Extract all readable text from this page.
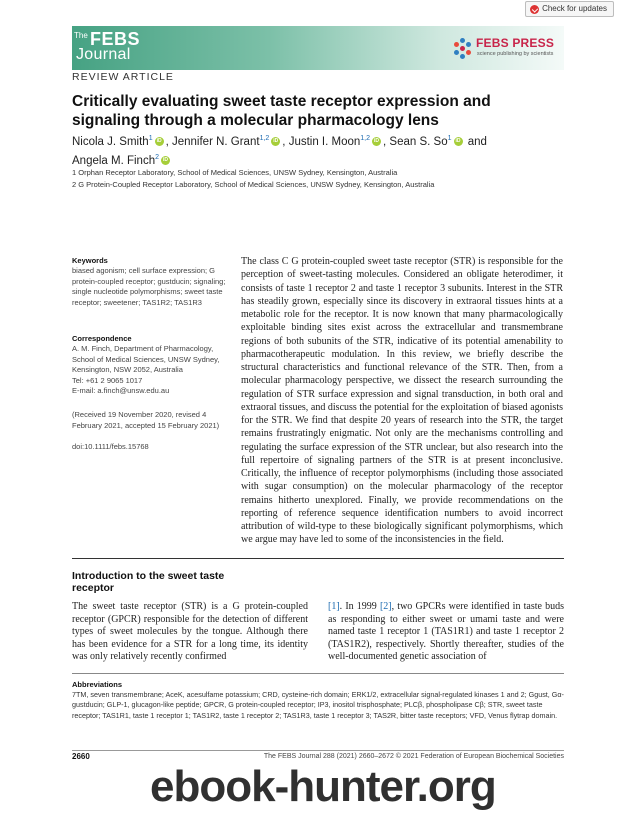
Check for updates
The FEBS
Journal
FEBS PRESS
science publishing by scientists
REVIEW ARTICLE
Critically evaluating sweet taste receptor expression and signaling through a molecular pharmacology lens
Nicola J. Smith$^1$ iD , Jennifer N. Grant$^{1,2}$ iD , Justin I. Moon$^{1,2}$ iD , Sean S. So$^1$ iD and
Angela M. Finch$^2$ iD
1 Orphan Receptor Laboratory, School of Medical Sciences, UNSW Sydney, Kensington, Australia
2 G Protein-Coupled Receptor Laboratory, School of Medical Sciences, UNSW Sydney, Kensington, Australia
Keywords
biased agonism; cell surface expression; G protein-coupled receptor; gustducin; signaling; single nucleotide polymorphisms; sweet taste receptor; sweetener; TAS1R2; TAS1R3
Correspondence
A. M. Finch, Department of Pharmacology,
School of Medical Sciences, UNSW Sydney,
Kensington, NSW 2052, Australia
Tel: +61 2 9065 1017
E-mail: a.finch@unsw.edu.au
(Received 19 November 2020, revised 4 February 2021, accepted 15 February 2021)
doi:10.1111/febs.15768

The class C G protein-coupled sweet taste receptor (STR) is responsible for the perception of sweet-tasting molecules. Considered an obligate heterodimer, it consists of taste 1 receptor 2 and taste 1 receptor 3 subunits. Interest in the STR has steadily grown, especially since its discovery in extraoral tissues hints at a metabolic role for the receptor. It is now known that many pharmacologically exploitable binding sites exist across the extracellular and transmembrane regions of both subunits of the STR, indicative of its potential amenability to pharmacotherapeutic modulation. In this review, we briefly describe the structural characteristics and functional relevance of the STR. Then, from a molecular pharmacology perspective, we dissect the research surrounding the regulation of STR surface expression and signal transduction, in both oral and extraoral tissues, and discuss the potential for the exploitation of biased agonists for the STR. We find that despite 20 years of research into the STR, the target remains frustratingly enigmatic. Not only are the mechanisms controlling and regulating the surface expression of the STR unclear, but also research into the full repertoire of signaling partners of the STR is at present inconclusive. Critically, the influence of receptor polymorphisms (including those associated with sugar consumption) on the molecular pharmacology of the receptor remains hitherto unexplored. Finally, we provide recommendations on the reporting of reference sequence identification numbers to avoid incorrect attribution of wild-type to these biologically significant polymorphisms, which we argue may have led to some of the inconsistencies in the field.

Introduction to the sweet taste receptor

The sweet taste receptor (STR) is a G protein-coupled receptor (GPCR) responsible for the detection of different types of sweet molecules by the tongue. Although there has been evidence for a STR for a long time, its identity was only relatively recently confirmed

[1]. In 1999 [2], two GPCRs were identified in taste buds as responding to either sweet or umami taste and were named taste 1 receptor 1 (TAS1R1) and taste 1 receptor 2 (TAS1R2), respectively. Shortly thereafter, studies of the well-documented genetic association of

Abbreviations

7TM, seven transmembrane; AceK, acesulfame potassium; CRD, cysteine-rich domain; ERK1/2, extracellular signal-regulated kinases 1 and 2; Ggust, Gα-gustducin; GLP-1, glucagon-like peptide; GPCR, G protein-coupled receptor; IP3, inositol trisphosphate; PLCβ, phospholipase Cβ; STR, sweet taste receptor; TAS1R1, taste 1 receptor 1; TAS1R2, taste 1 receptor 2; TAS1R3, taste 1 receptor 3; TAS2R, bitter taste receptors; VFD, Venus flytrap domain.

2660	The FEBS Journal 288 (2021) 2660–2672 © 2021 Federation of European Biochemical Societies
ebook-hunter.org
